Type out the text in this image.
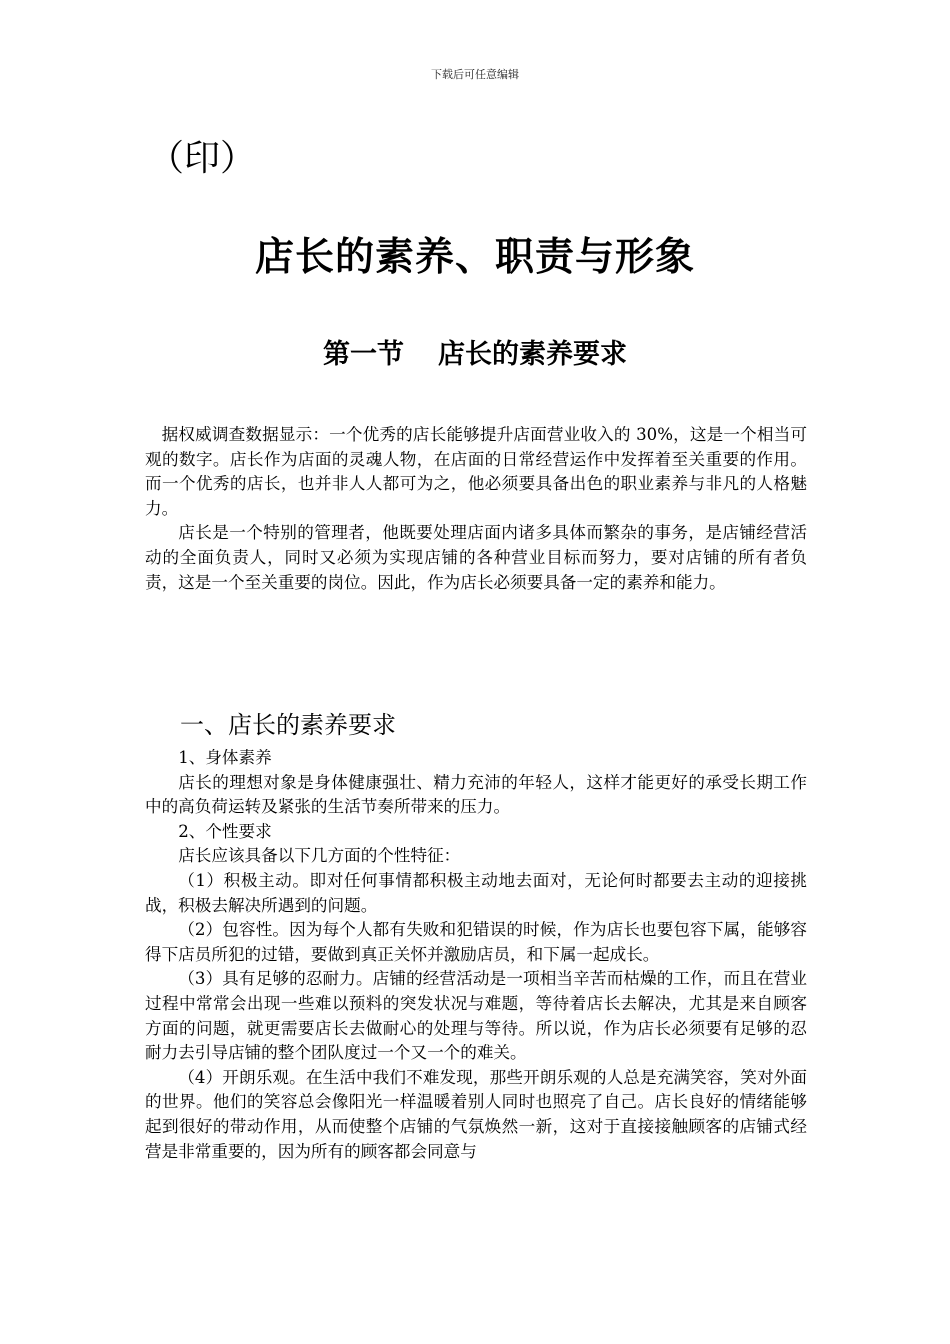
下载后可任意编辑
（印）
店长的素养、职责与形象
第一节 店长的素养要求

据权威调查数据显示：一个优秀的店长能够提升店面营业收入的 30%，这是一个相当可观的数字。店长作为店面的灵魂人物，在店面的日常经营运作中发挥着至关重要的作用。而一个优秀的店长，也并非人人都可为之，他必须要具备出色的职业素养与非凡的人格魅力。

店长是一个特别的管理者，他既要处理店面内诸多具体而繁杂的事务，是店铺经营活动的全面负责人，同时又必须为实现店铺的各种营业目标而努力，要对店铺的所有者负责，这是一个至关重要的岗位。因此，作为店长必须要具备一定的素养和能力。

一、店长的素养要求

1、身体素养

店长的理想对象是身体健康强壮、精力充沛的年轻人，这样才能更好的承受长期工作中的高负荷运转及紧张的生活节奏所带来的压力。

2、个性要求

店长应该具备以下几方面的个性特征：

（1）积极主动。即对任何事情都积极主动地去面对，无论何时都要去主动的迎接挑战，积极去解决所遇到的问题。

（2）包容性。因为每个人都有失败和犯错误的时候，作为店长也要包容下属，能够容得下店员所犯的过错，要做到真正关怀并激励店员，和下属一起成长。

（3）具有足够的忍耐力。店铺的经营活动是一项相当辛苦而枯燥的工作，而且在营业过程中常常会出现一些难以预料的突发状况与难题，等待着店长去解决，尤其是来自顾客方面的问题，就更需要店长去做耐心的处理与等待。所以说，作为店长必须要有足够的忍耐力去引导店铺的整个团队度过一个又一个的难关。

（4）开朗乐观。在生活中我们不难发现，那些开朗乐观的人总是充满笑容，笑对外面的世界。他们的笑容总会像阳光一样温暖着别人同时也照亮了自己。店长良好的情绪能够起到很好的带动作用，从而使整个店铺的气氛焕然一新，这对于直接接触顾客的店铺式经营是非常重要的，因为所有的顾客都会同意与
